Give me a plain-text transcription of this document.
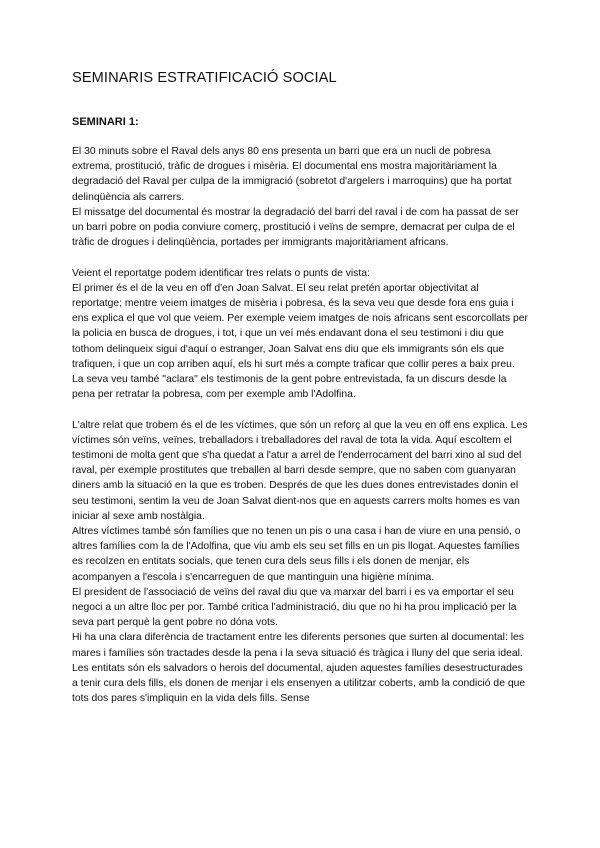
SEMINARIS ESTRATIFICACIÓ SOCIAL
SEMINARI 1:

El 30 minuts sobre el Raval dels anys 80 ens presenta un barri que era un nucli de pobresa extrema, prostitució, tràfic de drogues i misèria. El documental ens mostra majoritàriament la degradació del Raval per culpa de la immigració (sobretot d'argelers i marroquins) que ha portat delinqüència als carrers.

El missatge del documental és mostrar la degradació del barri del raval i de com ha passat de ser un barri pobre on podia conviure comerç, prostitució i veïns de sempre, demacrat per culpa de el tràfic de drogues i delinqüència, portades per immigrants majoritàriament africans.

Veient el reportatge podem identificar tres relats o punts de vista:

El primer és el de la veu en off d'en Joan Salvat. El seu relat pretén aportar objectivitat al reportatge; mentre veiem imatges de misèria i pobresa, és la seva veu que desde fora ens guia i ens explica el que vol que veiem. Per exemple veiem imatges de nois africans sent escorcollats per la policia en busca de drogues, i tot, i que un veí més endavant dona el seu testimoni i diu que tothom delinqueix sigui d'aquí o estranger, Joan Salvat ens diu que els immigrants són els que trafiquen, i que un cop arriben aquí, els hi surt més a compte traficar que collir peres a baix preu.

La seva veu també "aclara" els testimonis de la gent pobre entrevistada, fa un discurs desde la pena per retratar la pobresa, com per exemple amb l'Adolfina.

L'altre relat que trobem és el de les víctimes, que són un reforç al que la veu en off ens explica. Les víctimes són veïns, veïnes, treballadors i treballadores del raval de tota la vida. Aquí escoltem el testimoni de molta gent que s'ha quedat a l'atur a arrel de l'enderrocament del barri xino al sud del raval, per exemple prostitutes que treballen al barri desde sempre, que no saben com guanyaran diners amb la situació en la que es troben. Després de que les dues dones entrevistades donin el seu testimoni, sentim la veu de Joan Salvat dient-nos que en aquests carrers molts homes es van iniciar al sexe amb nostàlgia.

Altres víctimes també són famílies que no tenen un pis o una casa i han de viure en una pensió, o altres famílies com la de l'Adolfina, que viu amb els seu set fills en un pis llogat. Aquestes famílies es recolzen en entitats socials, que tenen cura dels seus fills i els donen de menjar, els acompanyen a l'escola i s'encarreguen de que mantinguin una higiène mínima.

El president de l'associació de veïns del raval diu que va marxar del barri i es va emportar el seu negoci a un altre lloc per por. També critica l'administració, diu que no hi ha prou implicació per la seva part perquè la gent pobre no dóna vots.

Hi ha una clara diferència de tractament entre les diferents persones que surten al documental: les mares i famílies són tractades desde la pena i la seva situació és tràgica i lluny del que seria ideal.

Les entitats són els salvadors o herois del documental, ajuden aquestes famílies desestructurades a tenir cura dels fills, els donen de menjar i els ensenyen a utilitzar coberts, amb la condició de que tots dos pares s'impliquin en la vida dels fills. Sense
